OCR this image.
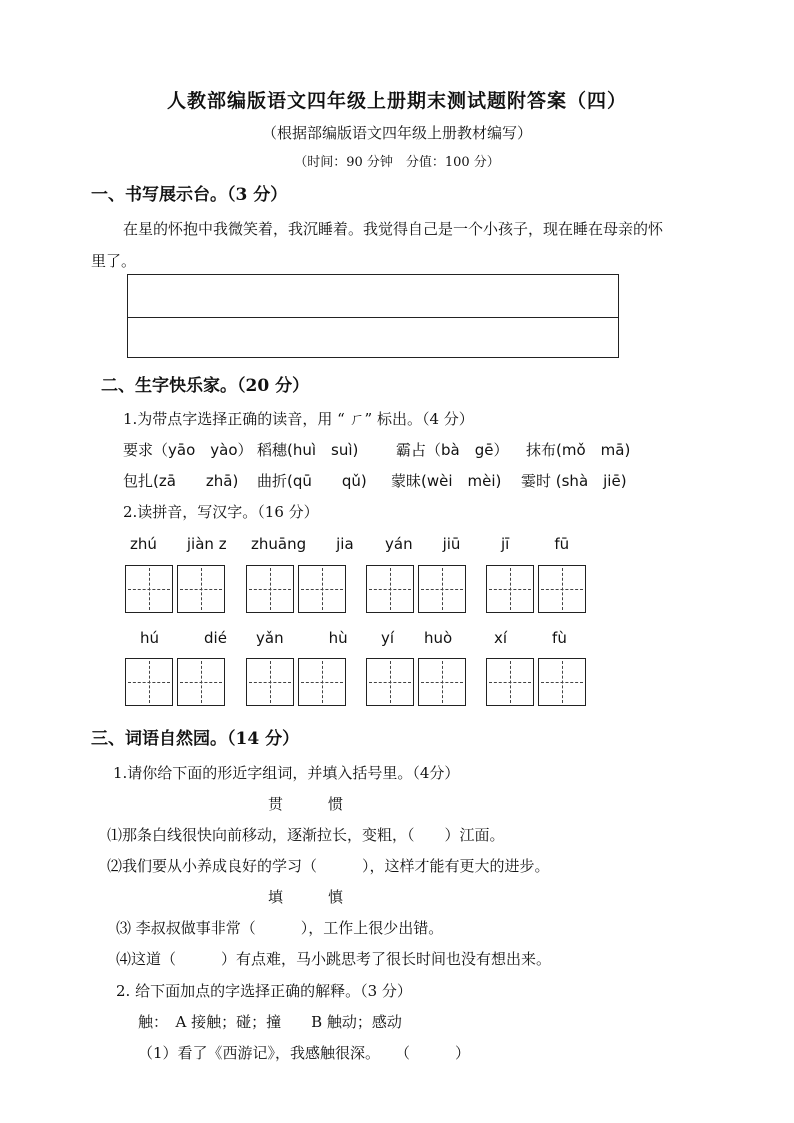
人教部编版语文四年级上册期末测试题附答案（四）
（根据部编版语文四年级上册教材编写）
（时间：90 分钟　分值：100 分）
一、书写展示台。（3 分）
在星的怀抱中我微笑着，我沉睡着。我觉得自己是一个小孩子，现在睡在母亲的怀
里了。
二、生字快乐家。（20 分）
1.为带点字选择正确的读音，用 “ ㄏ” 标出。（4 分）
要求（yāo　yào） 稻穗(huì　suì)	霸占（bà　gē） 抹布(mǒ　mā)
包扎(zā　　zhā) 曲折(qū　　qǔ) 蒙昧(wèi　mèi) 霎时 (shà　jiē)
2.读拼音，写汉字。（16 分）
zhú　　jiàn z zhuāng　　jia yán　　jiū	jī　　　fū
hú　　　dié yǎn　　　hù yí　　huò	xí　　　fù
三、词语自然园。（14 分）
1.请你给下面的形近字组词，并填入括号里。（4分）
贯　　　惯
⑴那条白线很快向前移动，逐渐拉长，变粗，（　　）江面。
⑵我们要从小养成良好的学习（　　　），这样才能有更大的进步。
填　　　慎
⑶ 李叔叔做事非常（　　　），工作上很少出错。
⑷这道（　　　）有点难，马小跳思考了很长时间也没有想出来。
2. 给下面加点的字选择正确的解释。（3 分）
触：　A 接触；碰；撞　　B 触动；感动
（1）看了《西游记》，我感触很深。　　（　　　）
